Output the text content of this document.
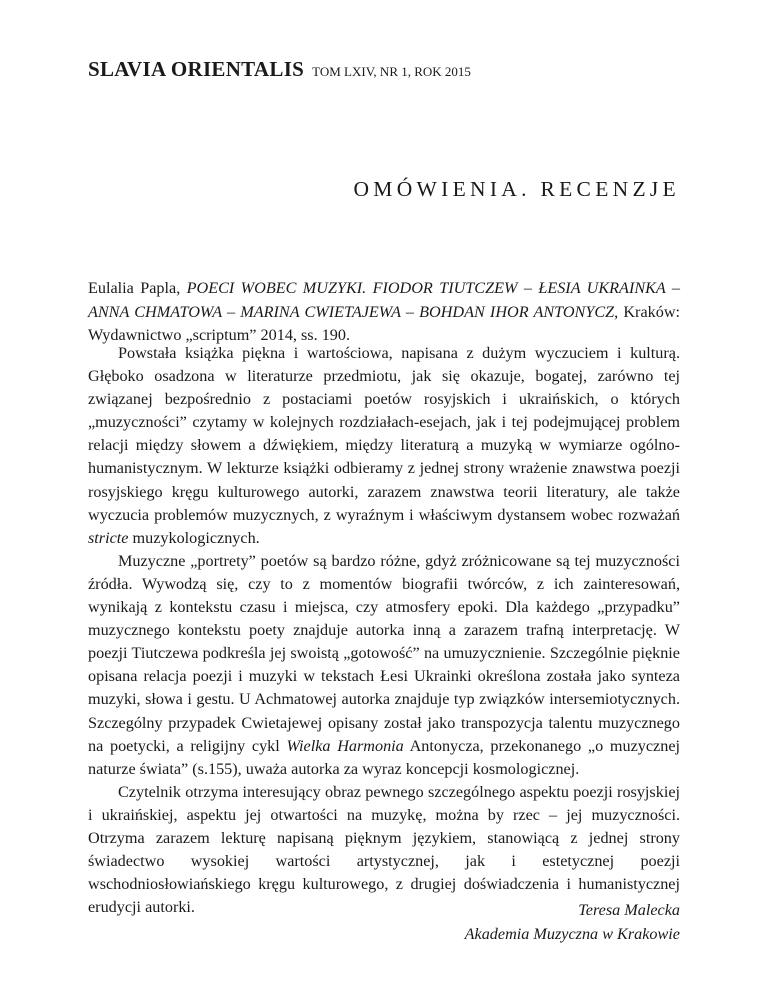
SLAVIA ORIENTALIS TOM LXIV, NR 1, ROK 2015
OMÓWIENIA. RECENZJE
Eulalia Papla, POECI WOBEC MUZYKI. FIODOR TIUTCZEW – ŁESIA UKRAINKA – ANNA CHMATOWA – MARINA CWIETAJEWA – BOHDAN IHOR ANTONYCZ, Kraków: Wydawnictwo „scriptum” 2014, ss. 190.

Powstała książka piękna i wartościowa, napisana z dużym wyczuciem i kulturą. Głęboko osadzona w literaturze przedmiotu, jak się okazuje, bogatej, zarówno tej związanej bezpośrednio z postaciami poetów rosyjskich i ukraińskich, o których „muzyczności” czytamy w kolejnych rozdziałach-esejach, jak i tej podejmującej problem relacji między słowem a dźwiękiem, między literaturą a muzyką w wymiarze ogólno-humanistycznym. W lekturze książki odbieramy z jednej strony wrażenie znawstwa poezji rosyjskiego kręgu kulturowego autorki, zarazem znawstwa teorii literatury, ale także wyczucia problemów muzycznych, z wyraźnym i właściwym dystansem wobec rozważań stricte muzykologicznych.

Muzyczne „portrety” poetów są bardzo różne, gdyż zróżnicowane są tej muzyczności źródła. Wywodzą się, czy to z momentów biografii twórców, z ich zainteresowań, wynikają z kontekstu czasu i miejsca, czy atmosfery epoki. Dla każdego „przypadku” muzycznego kontekstu poety znajduje autorka inną a zarazem trafną interpretację. W poezji Tiutczewa podkreśla jej swoistą „gotowość” na umuzycznienie. Szczególnie pięknie opisana relacja poezji i muzyki w tekstach Łesi Ukrainki określona została jako synteza muzyki, słowa i gestu. U Achmatowej autorka znajduje typ związków intersemiotycznych. Szczególny przypadek Cwietajewej opisany został jako transpozycja talentu muzycznego na poetycki, a religijny cykl Wielka Harmonia Antonycza, przekonanego „o muzycznej naturze świata” (s.155), uważa autorka za wyraz koncepcji kosmologicznej.

Czytelnik otrzyma interesujący obraz pewnego szczególnego aspektu poezji rosyjskiej i ukraińskiej, aspektu jej otwartości na muzykę, można by rzec – jej muzyczności. Otrzyma zarazem lekturę napisaną pięknym językiem, stanowiącą z jednej strony świadectwo wysokiej wartości artystycznej, jak i estetycznej poezji wschodniosłowiańskiego kręgu kulturowego, z drugiej doświadczenia i humanistycznej erudycji autorki.	Teresa Malecka
Akademia Muzyczna w Krakowie
